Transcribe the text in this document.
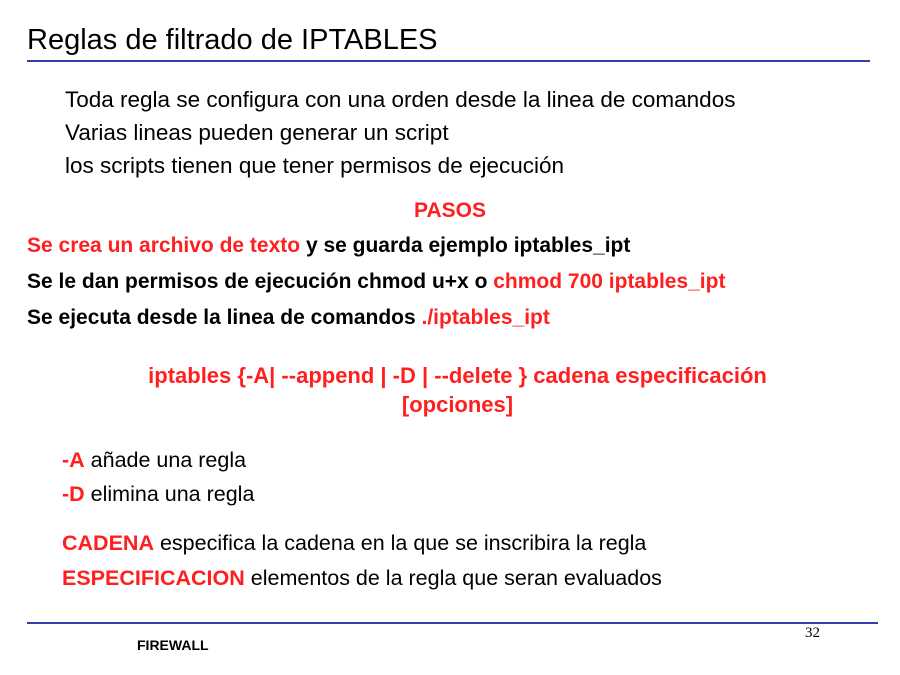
Reglas de filtrado de IPTABLES
Toda regla se configura con una orden desde la linea de comandos
Varias lineas pueden generar un script
los scripts tienen que tener permisos de ejecución
PASOS
Se crea un archivo de texto y se guarda ejemplo iptables_ipt
Se le dan permisos de ejecución chmod u+x o chmod 700 iptables_ipt
Se ejecuta desde la linea de comandos ./iptables_ipt
iptables {-A| --append | -D | --delete } cadena especificación
[opciones]
-A añade una regla
-D elimina una regla
CADENA especifica la cadena en la que se inscribira la regla
ESPECIFICACION elementos de la regla que seran evaluados
32
FIREWALL
